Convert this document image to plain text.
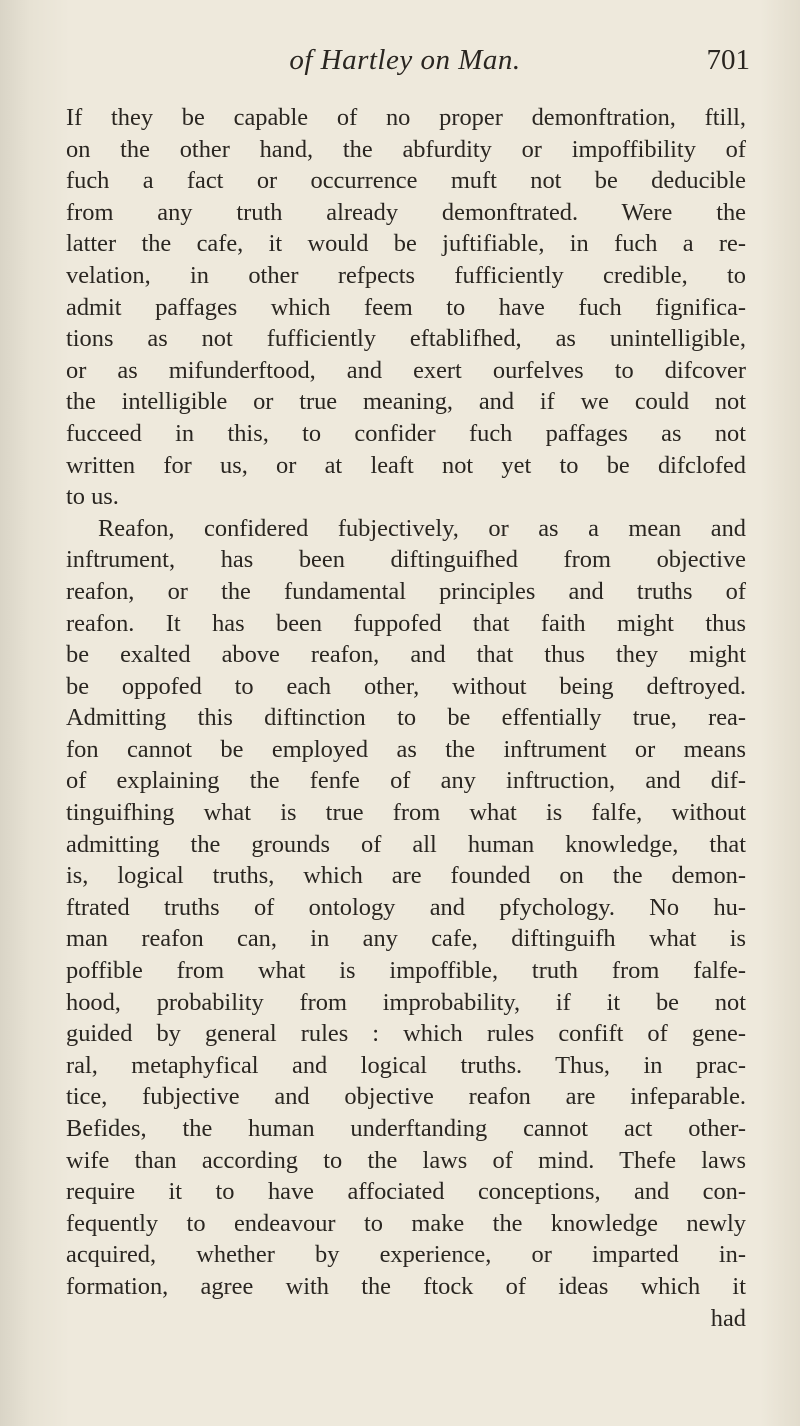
of Hartley on Man.	701
If they be capable of no proper demonftration, ftill,
on the other hand, the abfurdity or impoffibility of
fuch a fact or occurrence muft not be deducible
from any truth already demonftrated. Were the
latter the cafe, it would be juftifiable, in fuch a re-
velation, in other refpects fufficiently credible, to
admit paffages which feem to have fuch fignifica-
tions as not fufficiently eftablifhed, as unintelligible,
or as mifunderftood, and exert ourfelves to difcover
the intelligible or true meaning, and if we could not
fucceed in this, to confider fuch paffages as not
written for us, or at leaft not yet to be difclofed
to us.
Reafon, confidered fubjectively, or as a mean and
inftrument, has been diftinguifhed from objective
reafon, or the fundamental principles and truths of
reafon. It has been fuppofed that faith might thus
be exalted above reafon, and that thus they might
be oppofed to each other, without being deftroyed.
Admitting this diftinction to be effentially true, rea-
fon cannot be employed as the inftrument or means
of explaining the fenfe of any inftruction, and dif-
tinguifhing what is true from what is falfe, without
admitting the grounds of all human knowledge, that
is, logical truths, which are founded on the demon-
ftrated truths of ontology and pfychology. No hu-
man reafon can, in any cafe, diftinguifh what is
poffible from what is impoffible, truth from falfe-
hood, probability from improbability, if it be not
guided by general rules : which rules confift of gene-
ral, metaphyfical and logical truths. Thus, in prac-
tice, fubjective and objective reafon are infeparable.
Befides, the human underftanding cannot act other-
wife than according to the laws of mind. Thefe laws
require it to have affociated conceptions, and con-
fequently to endeavour to make the knowledge newly
acquired, whether by experience, or imparted in-
formation, agree with the ftock of ideas which it
had
